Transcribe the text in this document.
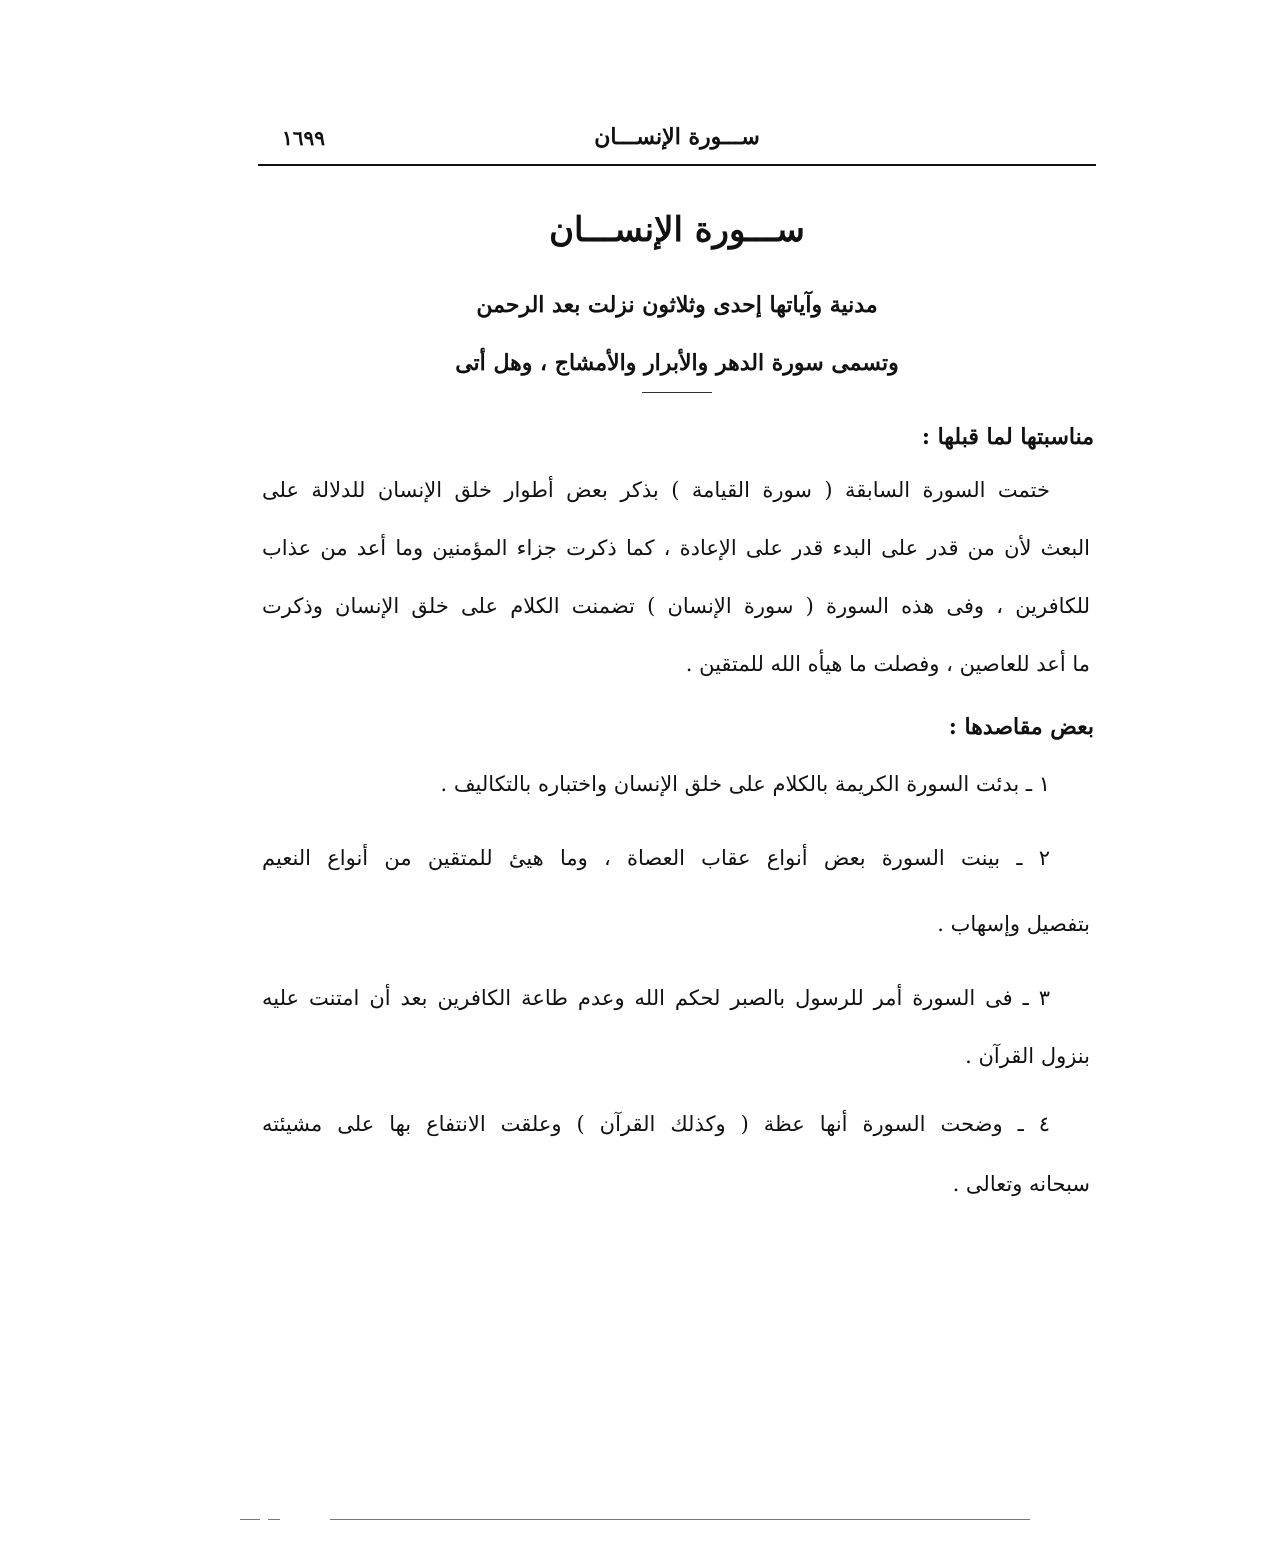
ســـورة الإنســـان
١٦٩٩
ســـورة الإنســـان
مدنية وآياتها إحدى وثلاثون نزلت بعد الرحمن
وتسمى سورة الدهر والأبرار والأمشاج ، وهل أتى
مناسبتها لما قبلها :
ختمت السورة السابقة ( سورة القيامة ) بذكر بعض أطوار خلق الإنسان للدلالة على
البعث لأن من قدر على البدء قدر على الإعادة ، كما ذكرت جزاء المؤمنين وما أعد من عذاب
للكافرين ، وفى هذه السورة ( سورة الإنسان ) تضمنت الكلام على خلق الإنسان وذكرت
ما أعد للعاصين ، وفصلت ما هيأه الله للمتقين .
بعض مقاصدها :
١ ـ بدئت السورة الكريمة بالكلام على خلق الإنسان واختباره بالتكاليف .
٢ ـ بينت السورة بعض أنواع عقاب العصاة ، وما هيئ للمتقين من أنواع النعيم
بتفصيل وإسهاب .
٣ ـ فى السورة أمر للرسول بالصبر لحكم الله وعدم طاعة الكافرين بعد أن امتنت عليه
بنزول القرآن .
٤ ـ وضحت السورة أنها عظة ( وكذلك القرآن ) وعلقت الانتفاع بها على مشيئته
سبحانه وتعالى .
